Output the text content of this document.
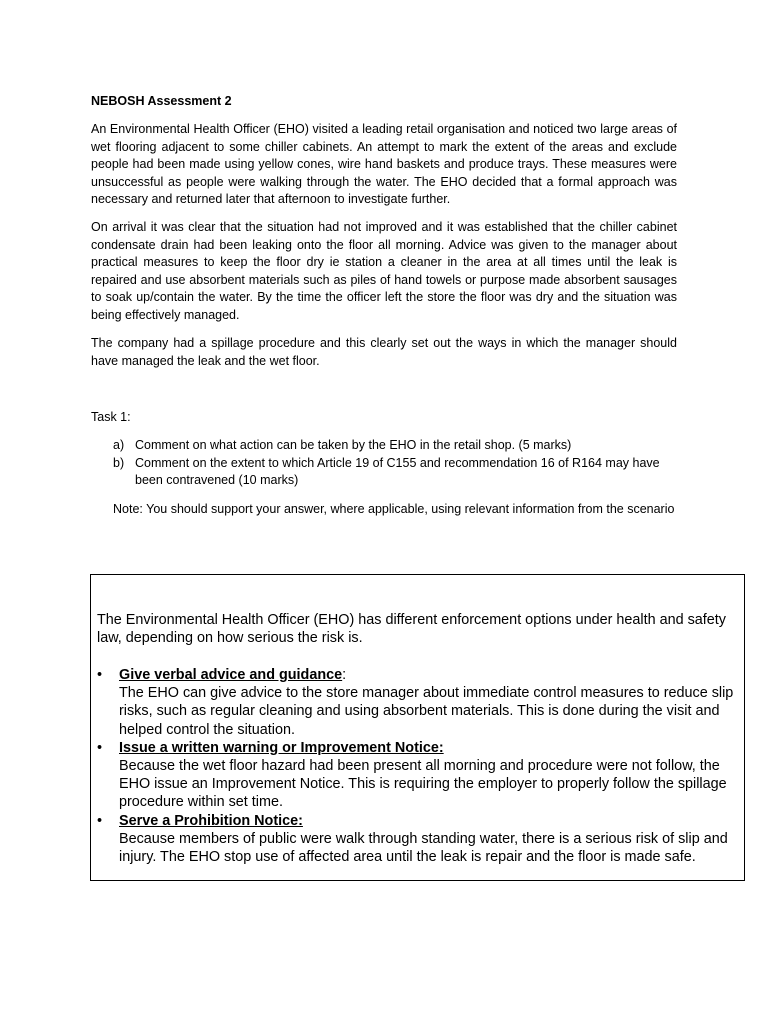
NEBOSH Assessment 2

An Environmental Health Officer (EHO) visited a leading retail organisation and noticed two large areas of wet flooring adjacent to some chiller cabinets. An attempt to mark the extent of the areas and exclude people had been made using yellow cones, wire hand baskets and produce trays. These measures were unsuccessful as people were walking through the water. The EHO decided that a formal approach was necessary and returned later that afternoon to investigate further.

On arrival it was clear that the situation had not improved and it was established that the chiller cabinet condensate drain had been leaking onto the floor all morning. Advice was given to the manager about practical measures to keep the floor dry ie station a cleaner in the area at all times until the leak is repaired and use absorbent materials such as piles of hand towels or purpose made absorbent sausages to soak up/contain the water. By the time the officer left the store the floor was dry and the situation was being effectively managed.

The company had a spillage procedure and this clearly set out the ways in which the manager should have managed the leak and the wet floor.

Task 1:

a) Comment on what action can be taken by the EHO in the retail shop. (5 marks)
b) Comment on the extent to which Article 19 of C155 and recommendation 16 of R164 may have been contravened (10 marks)

Note: You should support your answer, where applicable, using relevant information from the scenario

The Environmental Health Officer (EHO) has different enforcement options under health and safety law, depending on how serious the risk is.

• Give verbal advice and guidance:
The EHO can give advice to the store manager about immediate control measures to reduce slip risks, such as regular cleaning and using absorbent materials. This is done during the visit and helped control the situation.
• Issue a written warning or Improvement Notice:
Because the wet floor hazard had been present all morning and procedure were not follow, the EHO issue an Improvement Notice. This is requiring the employer to properly follow the spillage procedure within set time.
• Serve a Prohibition Notice:
Because members of public were walk through standing water, there is a serious risk of slip and injury. The EHO stop use of affected area until the leak is repair and the floor is made safe.
